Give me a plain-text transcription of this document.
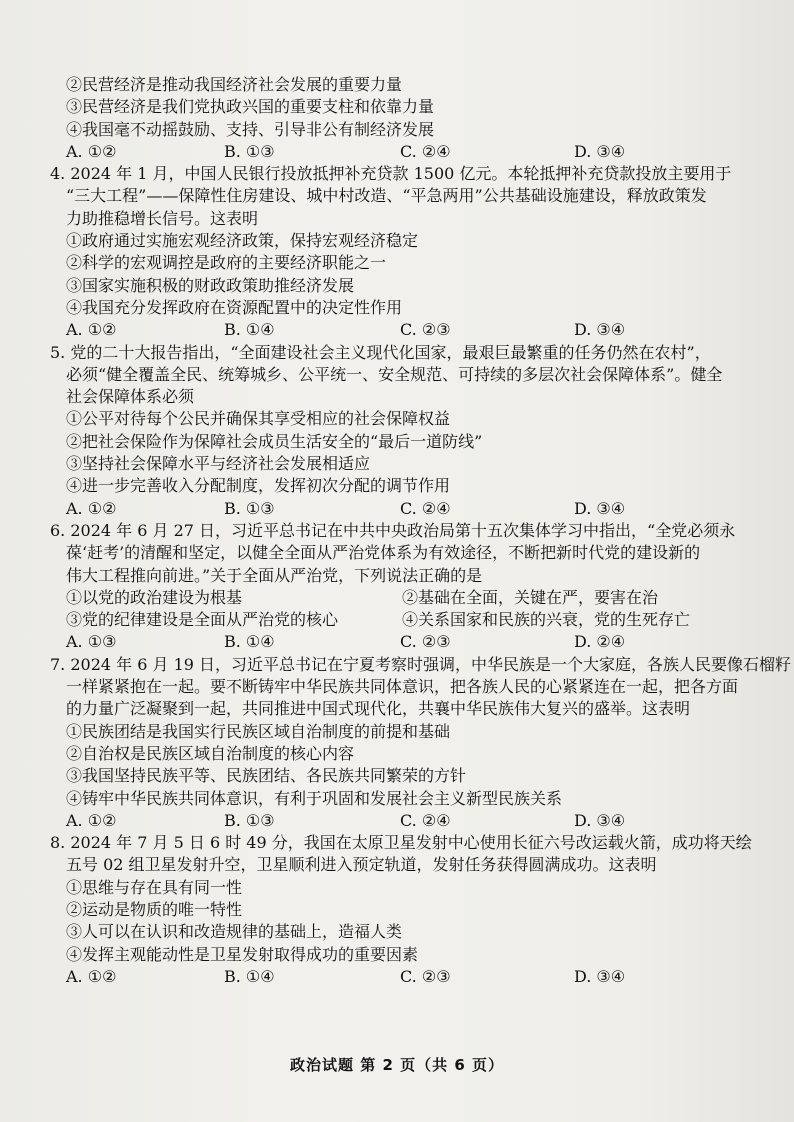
②民营经济是推动我国经济社会发展的重要力量
③民营经济是我们党执政兴国的重要支柱和依靠力量
④我国毫不动摇鼓励、支持、引导非公有制经济发展
A. ①②	B. ①③	C. ②④	D. ③④
4. 2024 年 1 月，中国人民银行投放抵押补充贷款 1500 亿元。本轮抵押补充贷款投放主要用于
“三大工程”——保障性住房建设、城中村改造、“平急两用”公共基础设施建设，释放政策发
力助推稳增长信号。这表明
①政府通过实施宏观经济政策，保持宏观经济稳定
②科学的宏观调控是政府的主要经济职能之一
③国家实施积极的财政政策助推经济发展
④我国充分发挥政府在资源配置中的决定性作用
A. ①②	B. ①④	C. ②③	D. ③④
5. 党的二十大报告指出，“全面建设社会主义现代化国家，最艰巨最繁重的任务仍然在农村”，
必须“健全覆盖全民、统筹城乡、公平统一、安全规范、可持续的多层次社会保障体系”。健全
社会保障体系必须
①公平对待每个公民并确保其享受相应的社会保障权益
②把社会保险作为保障社会成员生活安全的“最后一道防线”
③坚持社会保障水平与经济社会发展相适应
④进一步完善收入分配制度，发挥初次分配的调节作用
A. ①②	B. ①③	C. ②④	D. ③④
6. 2024 年 6 月 27 日，习近平总书记在中共中央政治局第十五次集体学习中指出，“全党必须永
葆‘赶考’的清醒和坚定，以健全全面从严治党体系为有效途径，不断把新时代党的建设新的
伟大工程推向前进。”关于全面从严治党，下列说法正确的是
①以党的政治建设为根基	②基础在全面，关键在严，要害在治
③党的纪律建设是全面从严治党的核心	④关系国家和民族的兴衰，党的生死存亡
A. ①③	B. ①④	C. ②③	D. ②④
7. 2024 年 6 月 19 日，习近平总书记在宁夏考察时强调，中华民族是一个大家庭，各族人民要像石榴籽
一样紧紧抱在一起。要不断铸牢中华民族共同体意识，把各族人民的心紧紧连在一起，把各方面
的力量广泛凝聚到一起，共同推进中国式现代化，共襄中华民族伟大复兴的盛举。这表明
①民族团结是我国实行民族区域自治制度的前提和基础
②自治权是民族区域自治制度的核心内容
③我国坚持民族平等、民族团结、各民族共同繁荣的方针
④铸牢中华民族共同体意识，有利于巩固和发展社会主义新型民族关系
A. ①②	B. ①③	C. ②④	D. ③④
8. 2024 年 7 月 5 日 6 时 49 分，我国在太原卫星发射中心使用长征六号改运载火箭，成功将天绘
五号 02 组卫星发射升空，卫星顺利进入预定轨道，发射任务获得圆满成功。这表明
①思维与存在具有同一性
②运动是物质的唯一特性
③人可以在认识和改造规律的基础上，造福人类
④发挥主观能动性是卫星发射取得成功的重要因素
A. ①②	B. ①④	C. ②③	D. ③④
政治试题 第 2 页（共 6 页）
